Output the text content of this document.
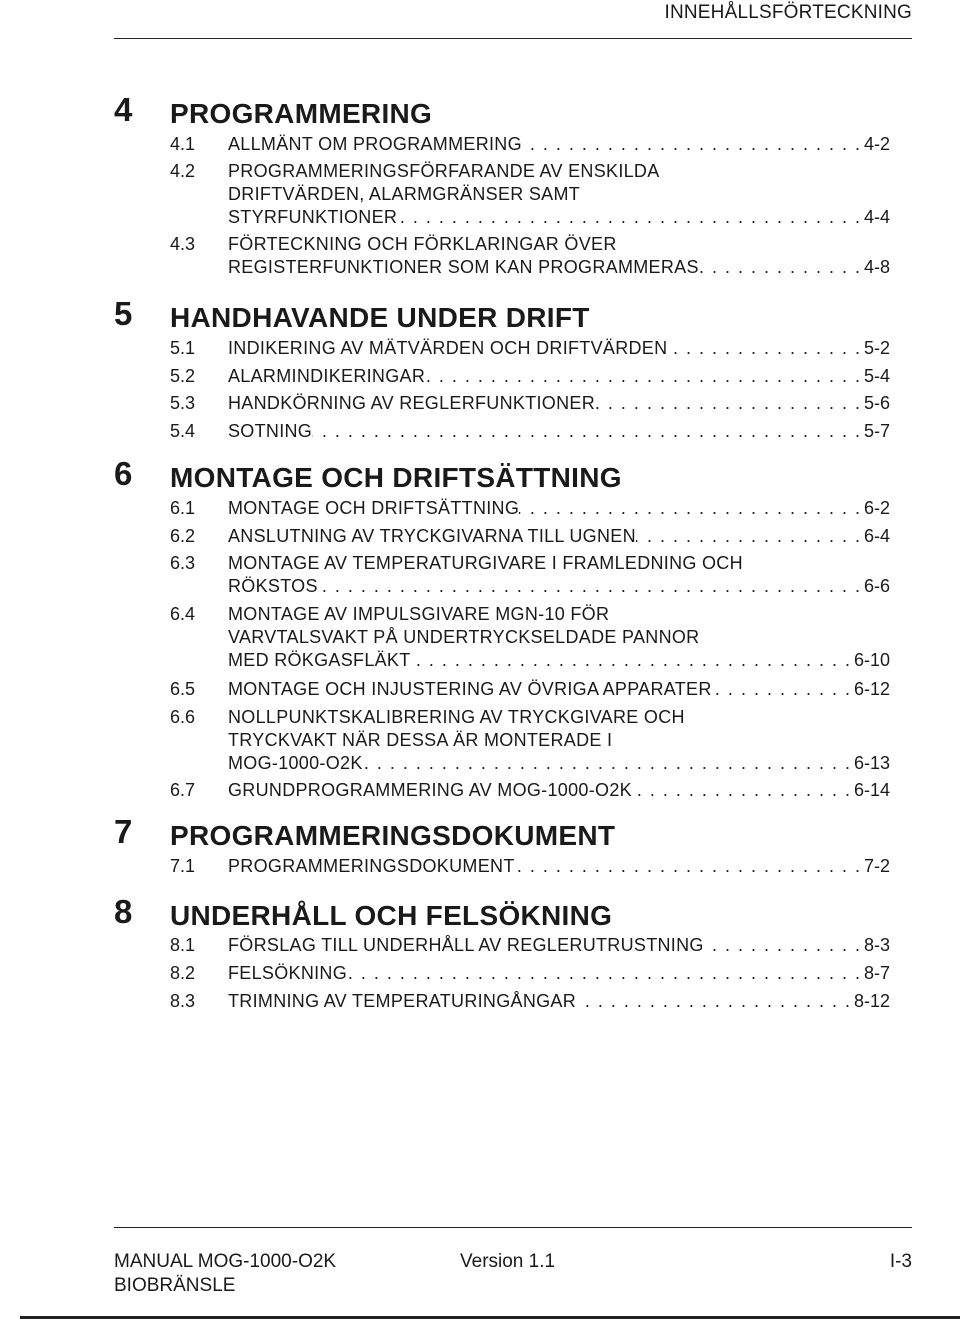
INNEHÅLLSFÖRTECKNING
4 PROGRAMMERING
4.1 ALLMÄNT OM PROGRAMMERING . . .	4-2
4.2 PROGRAMMERINGSFÖRFARANDE AV ENSKILDA
DRIFTVÄRDEN, ALARMGRÄNSER SAMT
STYRFUNKTIONER . . .	4-4
4.3 FÖRTECKNING OCH FÖRKLARINGAR ÖVER
REGISTERFUNKTIONER SOM KAN PROGRAMMERAS . . .	4-8
5 HANDHAVANDE UNDER DRIFT
5.1 INDIKERING AV MÄTVÄRDEN OCH DRIFTVÄRDEN . . .	5-2
5.2 ALARMINDIKERINGAR . . .	5-4
5.3 HANDKÖRNING AV REGLERFUNKTIONER . . .	5-6
5.4 SOTNING . . .	5-7
6 MONTAGE OCH DRIFTSÄTTNING
6.1 MONTAGE OCH DRIFTSÄTTNING . . .	6-2
6.2 ANSLUTNING AV TRYCKGIVARNA TILL UGNEN . . .	6-4
6.3 MONTAGE AV TEMPERATURGIVARE I FRAMLEDNING OCH
RÖKSTOS . . .	6-6
6.4 MONTAGE AV IMPULSGIVARE MGN-10 FÖR
VARVTALSVAKT PÅ UNDERTRYCKSELDADE PANNOR
MED RÖKGASFLÄKT . . .	6-10
6.5 MONTAGE OCH INJUSTERING AV ÖVRIGA APPARATER . . .	6-12
6.6 NOLLPUNKTSKALIBRERING AV TRYCKGIVARE OCH
TRYCKVAKT NÄR DESSA ÄR MONTERADE I
MOG-1000-O2K . . .	6-13
6.7 GRUNDPROGRAMMERING AV MOG-1000-O2K . . .	6-14
7 PROGRAMMERINGSDOKUMENT
7.1 PROGRAMMERINGSDOKUMENT . . .	7-2
8 UNDERHÅLL OCH FELSÖKNING
8.1 FÖRSLAG TILL UNDERHÅLL AV REGLERUTRUSTNING . . .	8-3
8.2 FELSÖKNING . . .	8-7
8.3 TRIMNING AV TEMPERATURINGÅNGAR . . .	8-12
MANUAL MOG-1000-O2K
BIOBRÄNSLE
Version 1.1	I-3
